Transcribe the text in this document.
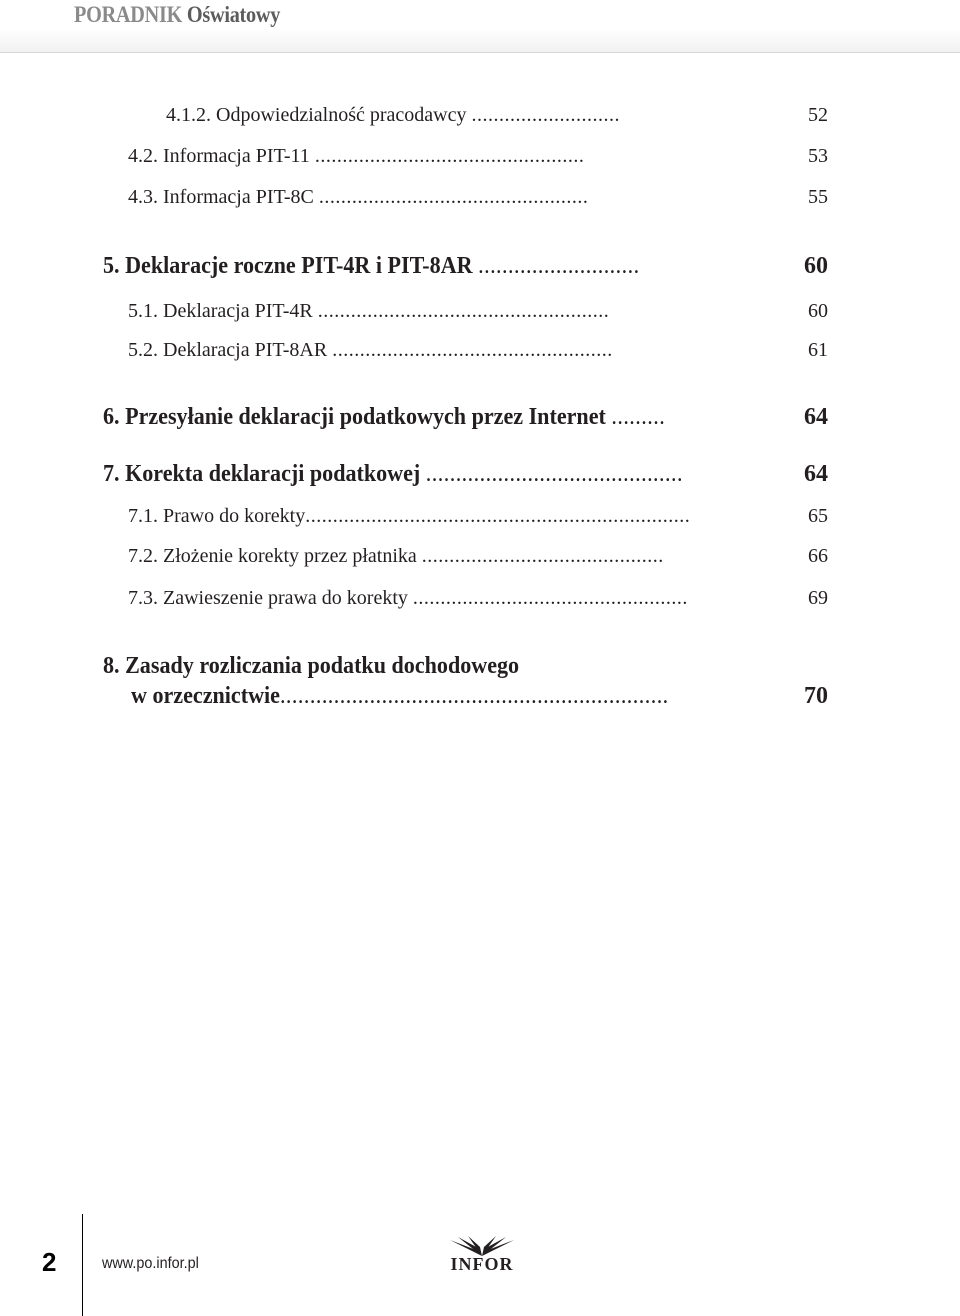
PORADNIK Oświatowy
4.1.2. Odpowiedzialność pracodawcy ...........................	52
4.2. Informacja PIT-11 .................................................	53
4.3. Informacja PIT-8C .................................................	55
5. Deklaracje roczne PIT-4R i PIT-8AR ...........................	60
5.1. Deklaracja PIT-4R .....................................................	60
5.2. Deklaracja PIT-8AR ...................................................	61
6. Przesyłanie deklaracji podatkowych przez Internet .........	64
7. Korekta deklaracji podatkowej ...........................................	64
7.1. Prawo do korekty......................................................................	65
7.2. Złożenie korekty przez płatnika ............................................	66
7.3. Zawieszenie prawa do korekty ..................................................	69
8. Zasady rozliczania podatku dochodowego
w orzecznictwie.................................................................	70
2	www.po.infor.pl	INFOR
